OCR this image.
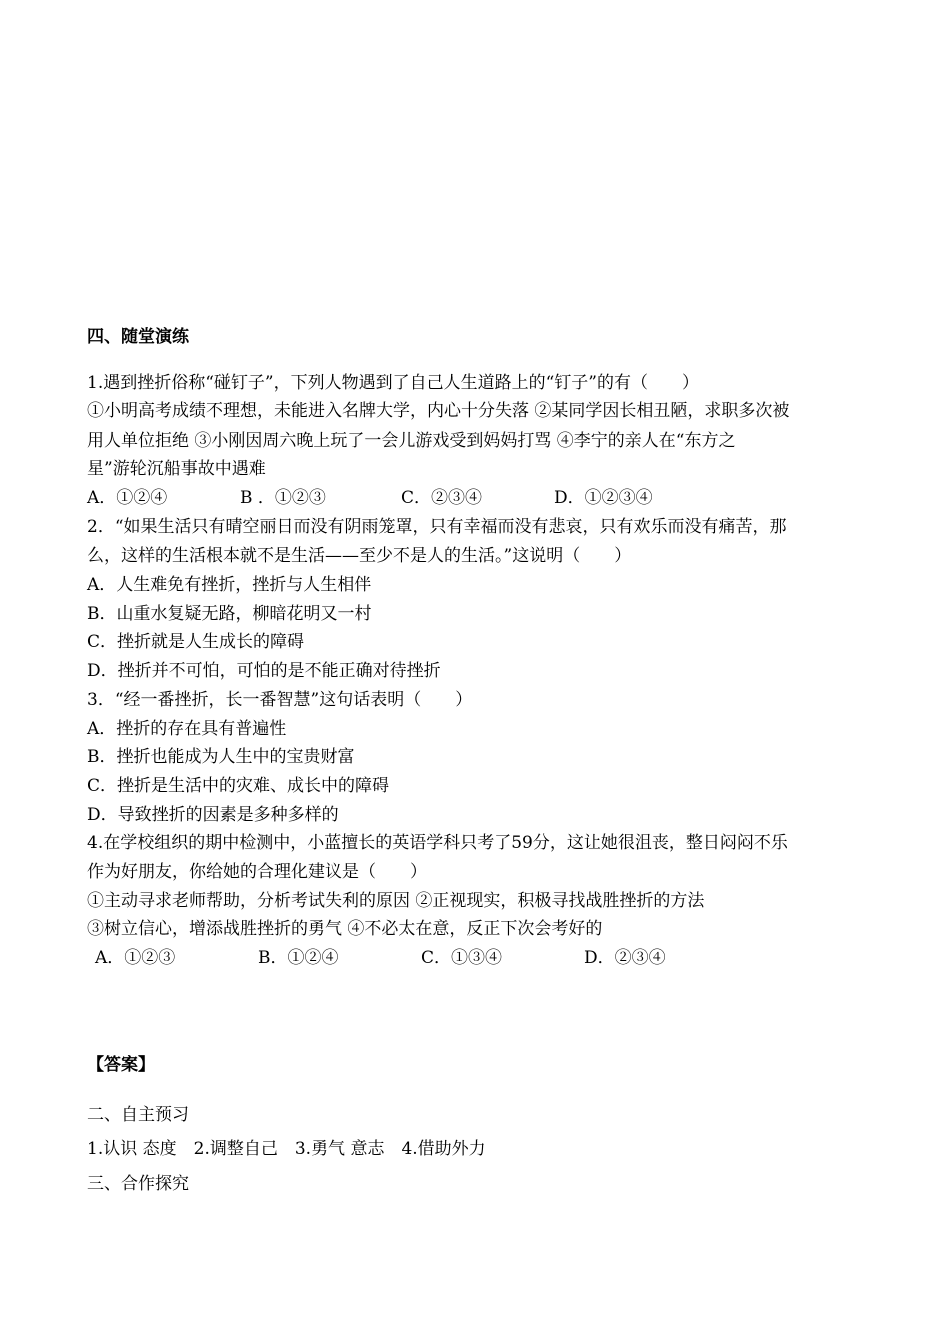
四、随堂演练
1.遇到挫折俗称“碰钉子”，下列人物遇到了自己人生道路上的“钉子”的有（　　）
①小明高考成绩不理想，未能进入名牌大学，内心十分失落 ②某同学因长相丑陋，求职多次被
用人单位拒绝 ③小刚因周六晚上玩了一会儿游戏受到妈妈打骂 ④李宁的亲人在“东方之
星”游轮沉船事故中遇难

A．①②④

	B ．①②③

	C．②③④

	D．①②③④

2．“如果生活只有晴空丽日而没有阴雨笼罩，只有幸福而没有悲哀，只有欢乐而没有痛苦，那
么，这样的生活根本就不是生活——至少不是人的生活。”这说明（　　）
A．人生难免有挫折，挫折与人生相伴
B．山重水复疑无路，柳暗花明又一村
C．挫折就是人生成长的障碍
D．挫折并不可怕，可怕的是不能正确对待挫折
3．“经一番挫折，长一番智慧”这句话表明（　　）
A．挫折的存在具有普遍性
B．挫折也能成为人生中的宝贵财富
C．挫折是生活中的灾难、成长中的障碍
D．导致挫折的因素是多种多样的
4.在学校组织的期中检测中，小蓝擅长的英语学科只考了59分，这让她很沮丧，整日闷闷不乐
作为好朋友，你给她的合理化建议是（　　）
①主动寻求老师帮助，分析考试失利的原因 ②正视现实，积极寻找战胜挫折的方法
③树立信心，增添战胜挫折的勇气 ④不必太在意，反正下次会考好的

A．①②③

	B．①②④

	C．①③④

	D．②③④

【答案】
二、自主预习
1.认识 态度　2.调整自己　3.勇气 意志　4.借助外力
三、合作探究
